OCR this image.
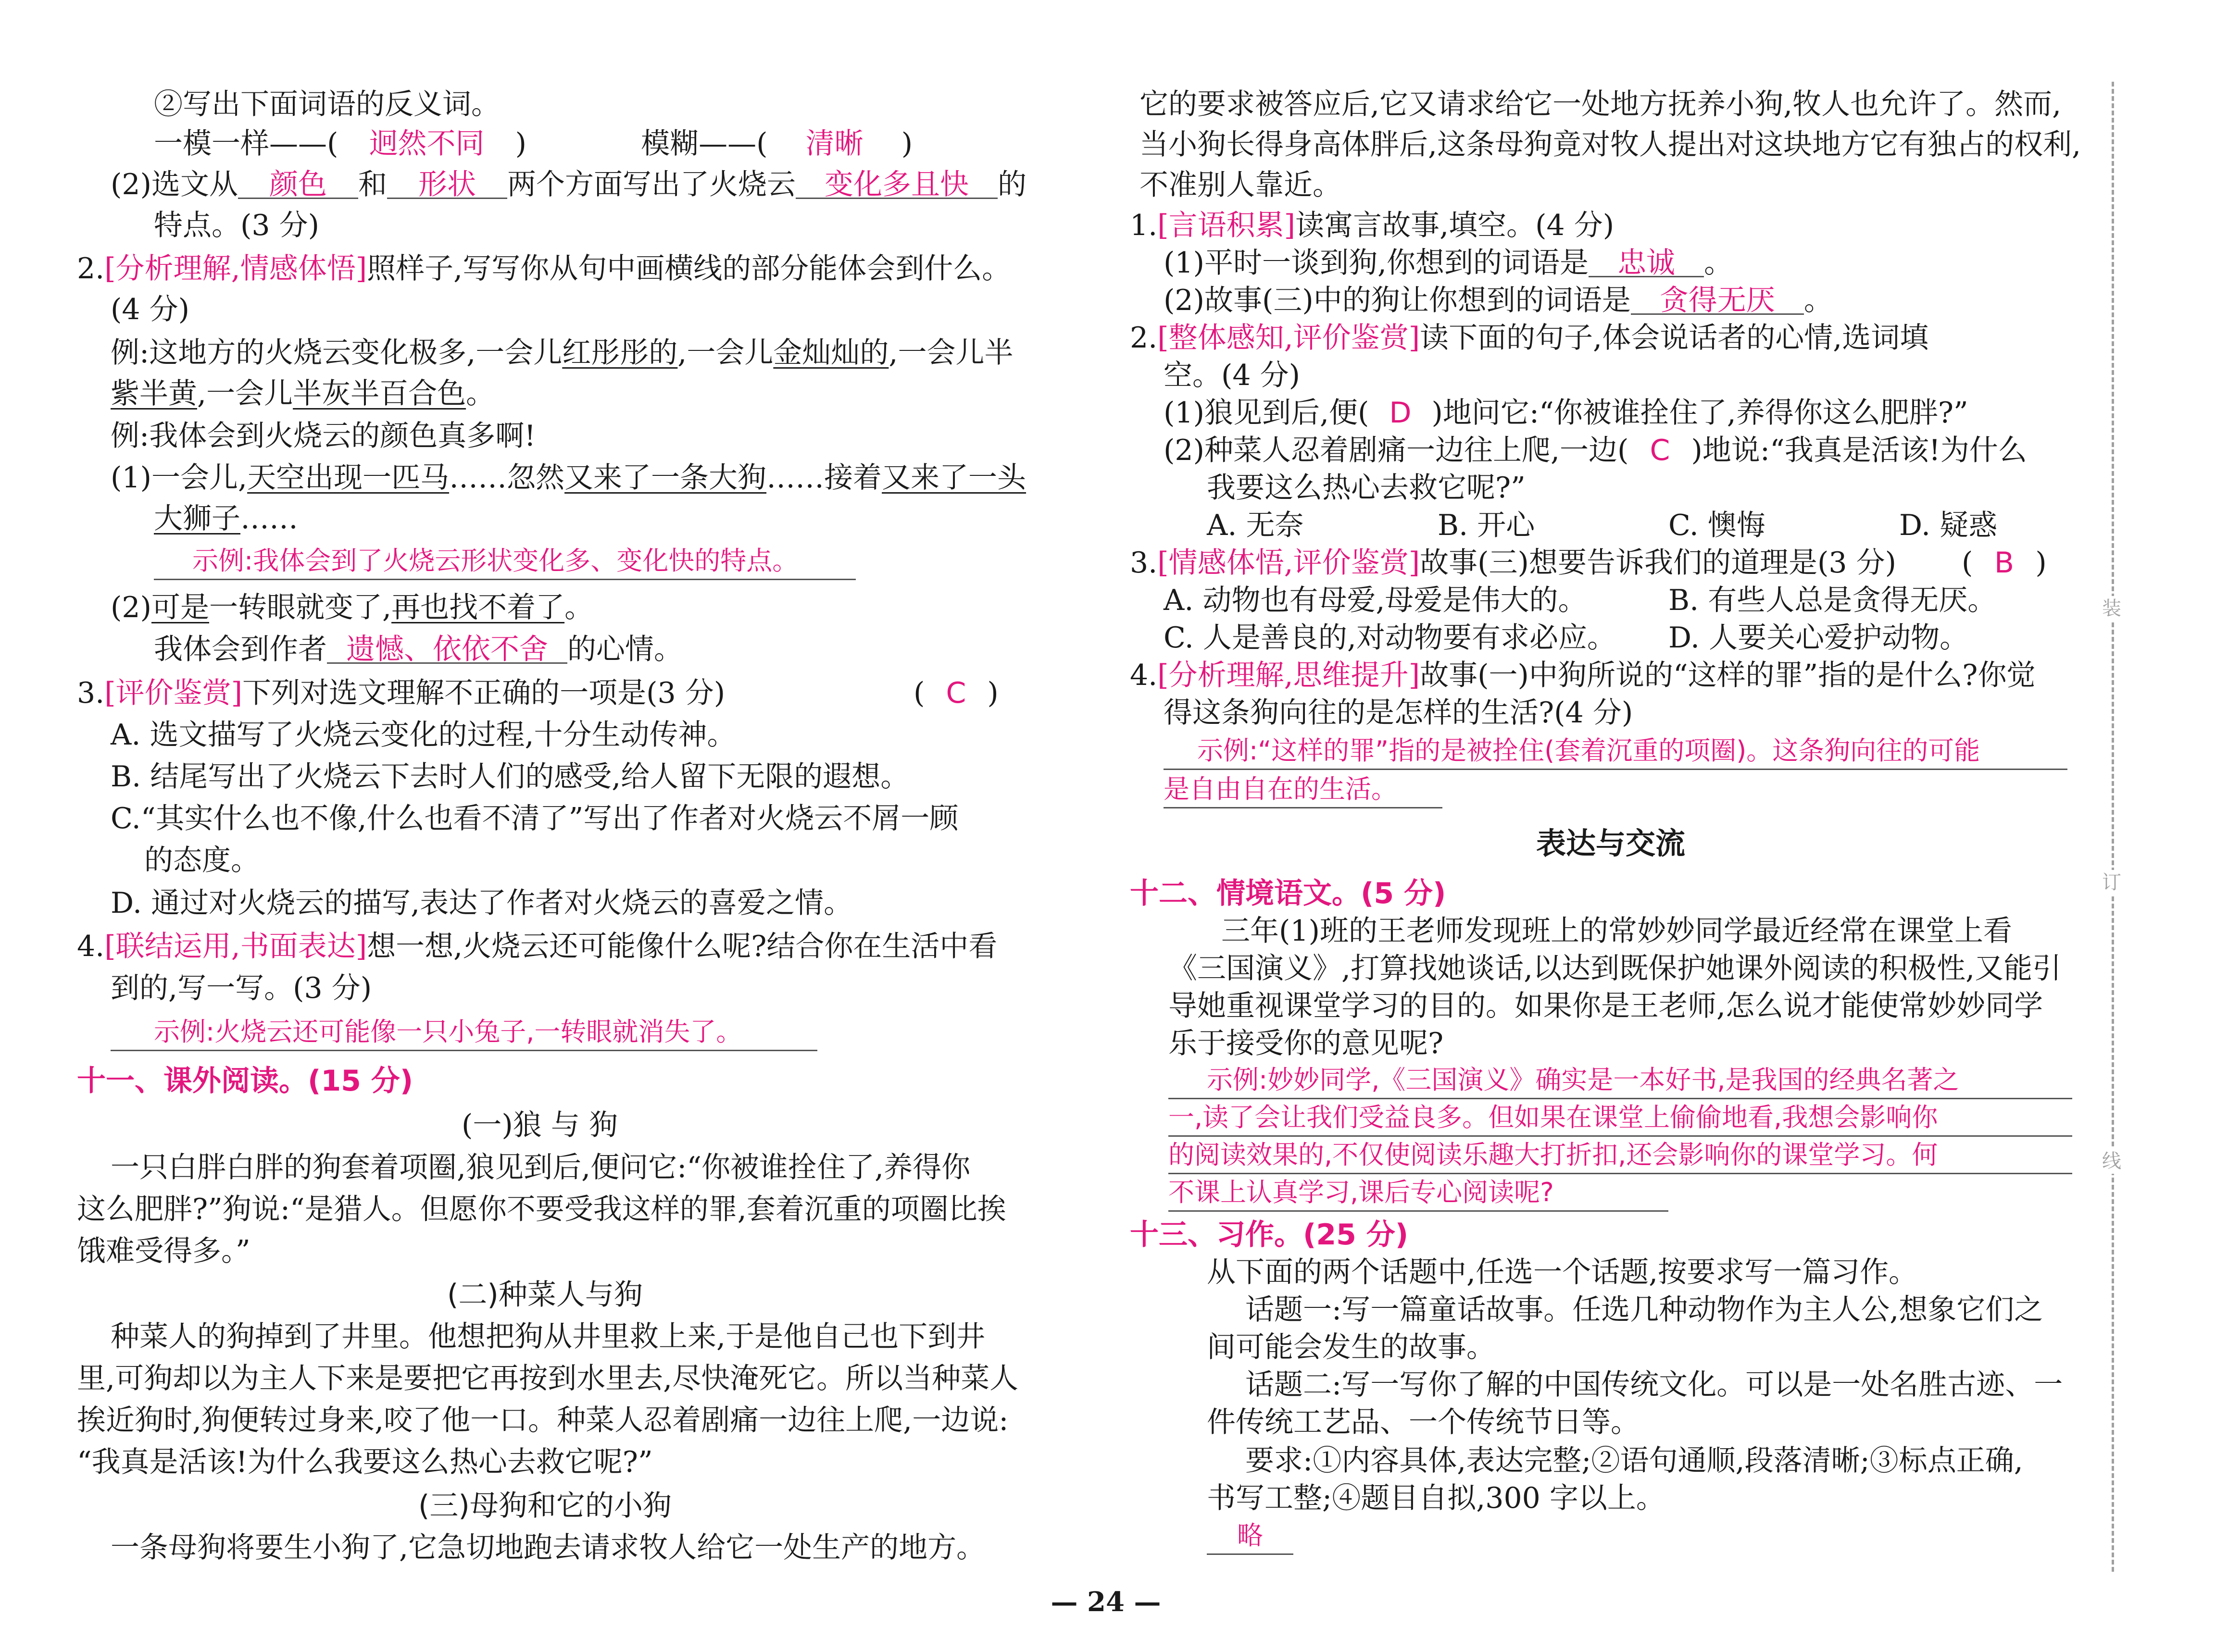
②写出下面词语的反义词。
一模一样——( 迥然不同 )	模糊——( 清晰 )
(2)选文从 颜色 和 形状 两个方面写出了火烧云 变化多且快 的
特点。(3 分)
2.[分析理解,情感体悟]照样子,写写你从句中画横线的部分能体会到什么。
(4 分)
例:这地方的火烧云变化极多,一会儿红彤彤的,一会儿金灿灿的,一会儿半
紫半黄,一会儿半灰半百合色。
例:我体会到火烧云的颜色真多啊!
(1)一会儿,天空出现一匹马……忽然又来了一条大狗……接着又来了一头
大狮子……
示例:我体会到了火烧云形状变化多、变化快的特点。
(2)可是一转眼就变了,再也找不着了。
我体会到作者 遗憾、依依不舍 的心情。
3.[评价鉴赏]下列对选文理解不正确的一项是(3 分)	( C )
A. 选文描写了火烧云变化的过程,十分生动传神。
B. 结尾写出了火烧云下去时人们的感受,给人留下无限的遐想。
C.“其实什么也不像,什么也看不清了”写出了作者对火烧云不屑一顾
的态度。
D. 通过对火烧云的描写,表达了作者对火烧云的喜爱之情。
4.[联结运用,书面表达]想一想,火烧云还可能像什么呢?结合你在生活中看
到的,写一写。(3 分)
示例:火烧云还可能像一只小兔子,一转眼就消失了。
十一、课外阅读。(15 分)
(一)狼 与 狗
一只白胖白胖的狗套着项圈,狼见到后,便问它:“你被谁拴住了,养得你
这么肥胖?”狗说:“是猎人。但愿你不要受我这样的罪,套着沉重的项圈比挨
饿难受得多。”
(二)种菜人与狗
种菜人的狗掉到了井里。他想把狗从井里救上来,于是他自己也下到井
里,可狗却以为主人下来是要把它再按到水里去,尽快淹死它。所以当种菜人
挨近狗时,狗便转过身来,咬了他一口。种菜人忍着剧痛一边往上爬,一边说:
“我真是活该!为什么我要这么热心去救它呢?”
(三)母狗和它的小狗
一条母狗将要生小狗了,它急切地跑去请求牧人给它一处生产的地方。
它的要求被答应后,它又请求给它一处地方抚养小狗,牧人也允许了。然而,
当小狗长得身高体胖后,这条母狗竟对牧人提出对这块地方它有独占的权利,
不准别人靠近。
1.[言语积累]读寓言故事,填空。(4 分)
(1)平时一谈到狗,你想到的词语是 忠诚 。
(2)故事(三)中的狗让你想到的词语是 贪得无厌 。
2.[整体感知,评价鉴赏]读下面的句子,体会说话者的心情,选词填
空。(4 分)
(1)狼见到后,便( D )地问它:“你被谁拴住了,养得你这么肥胖?”
(2)种菜人忍着剧痛一边往上爬,一边( C )地说:“我真是活该!为什么
我要这么热心去救它呢?”
A. 无奈	B. 开心	C. 懊悔	D. 疑惑
3.[情感体悟,评价鉴赏]故事(三)想要告诉我们的道理是(3 分) ( B )
A. 动物也有母爱,母爱是伟大的。	B. 有些人总是贪得无厌。
C. 人是善良的,对动物要有求必应。 D. 人要关心爱护动物。
4.[分析理解,思维提升]故事(一)中狗所说的“这样的罪”指的是什么?你觉
得这条狗向往的是怎样的生活?(4 分)
示例:“这样的罪”指的是被拴住(套着沉重的项圈)。这条狗向往的可能
是自由自在的生活。
表达与交流
十二、情境语文。(5 分)
三年(1)班的王老师发现班上的常妙妙同学最近经常在课堂上看
《三国演义》,打算找她谈话,以达到既保护她课外阅读的积极性,又能引
导她重视课堂学习的目的。如果你是王老师,怎么说才能使常妙妙同学
乐于接受你的意见呢?
示例:妙妙同学,《三国演义》确实是一本好书,是我国的经典名著之
一,读了会让我们受益良多。但如果在课堂上偷偷地看,我想会影响你
的阅读效果的,不仅使阅读乐趣大打折扣,还会影响你的课堂学习。何
不课上认真学习,课后专心阅读呢?
十三、习作。(25 分)
从下面的两个话题中,任选一个话题,按要求写一篇习作。
话题一:写一篇童话故事。任选几种动物作为主人公,想象它们之
间可能会发生的故事。
话题二:写一写你了解的中国传统文化。可以是一处名胜古迹、一
件传统工艺品、一个传统节日等。
要求:①内容具体,表达完整;②语句通顺,段落清晰;③标点正确,
书写工整;④题目自拟,300 字以上。
略
装
订
线
— 24 —
